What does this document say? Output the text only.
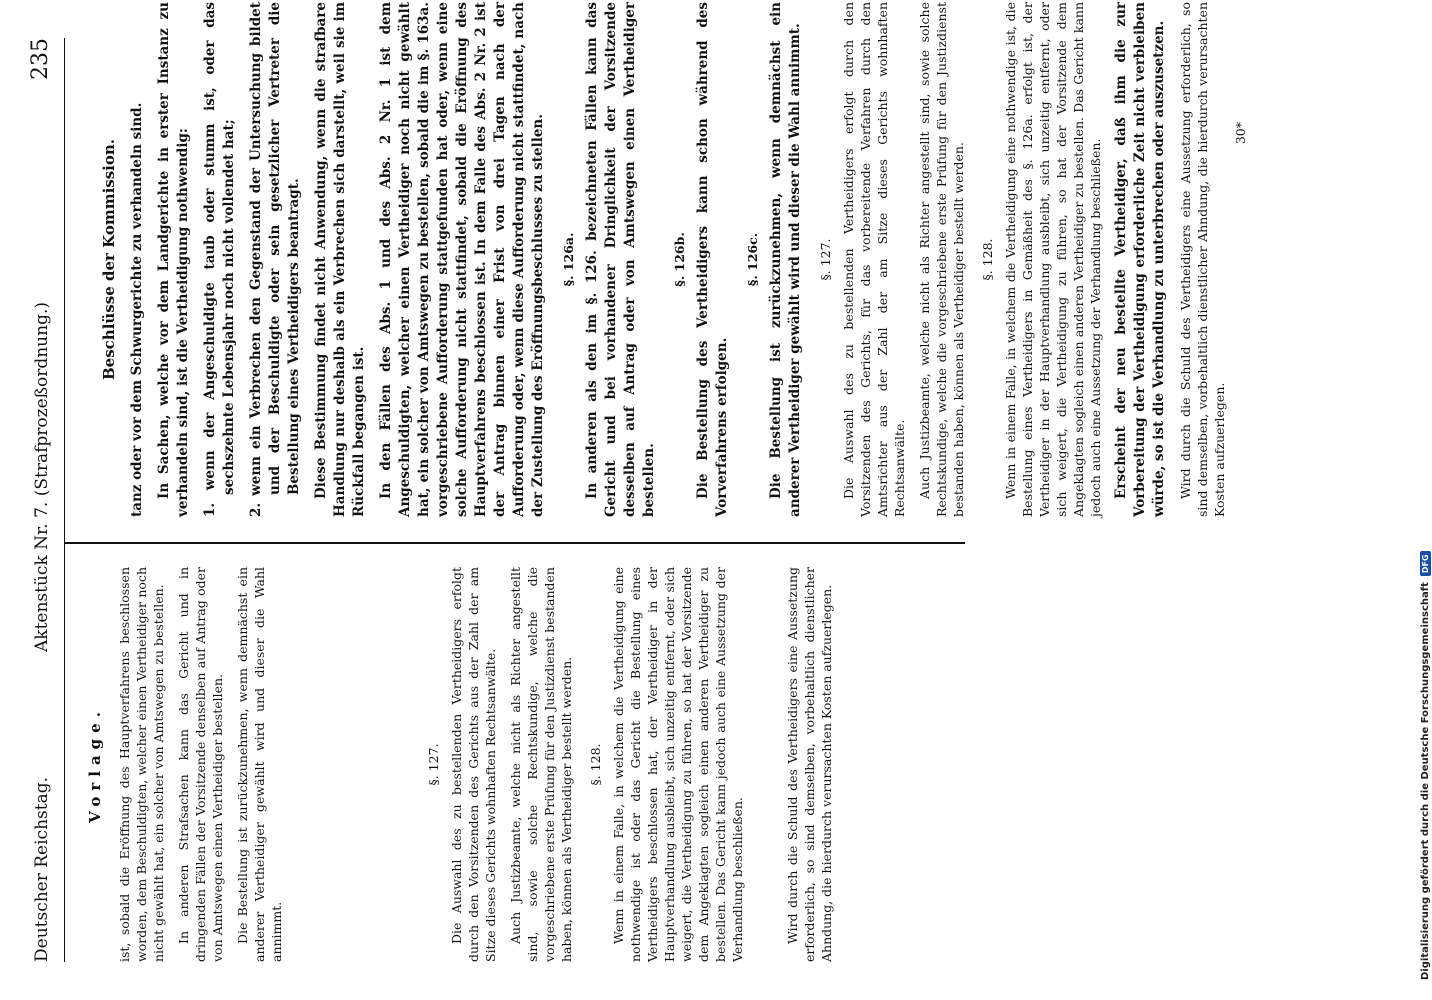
Deutscher Reichstag.
Aktenstück Nr. 7. (Strafprozeßordnung.)
235
Vorlage. ist, sobald die Eröffnung des Hauptverfahrens beschlossen worden, dem Beschuldigten, welcher einen Vertheidiger noch nicht gewählt hat, ein solcher von Amtswegen zu bestellen. In anderen Strafsachen kann das Gericht und in dringenden Fällen der Vorsitzende denselben auf Antrag oder von Amtswegen einen Vertheidiger bestellen. Die Bestellung ist zurückzunehmen, wenn demnächst ein anderer Vertheidiger gewählt wird und dieser die Wahl annimmt.

§. 127. Die Auswahl des zu bestellenden Vertheidigers erfolgt durch den Vorsitzenden des Gerichts aus der Zahl der am Sitze dieses Gerichts wohnhaften Rechtsanwälte. Auch Justizbeamte, welche nicht als Richter angestellt sind, sowie solche Rechtskundige, welche die vorgeschriebene erste Prüfung für den Justizdienst bestanden haben, können als Vertheidiger bestellt werden. §. 128. Wenn in einem Falle, in welchem die Vertheidigung eine nothwendige ist oder das Gericht die Bestellung eines Vertheidigers beschlossen hat, der Vertheidiger in der Hauptverhandlung ausbleibt, sich unzeitig entfernt, oder sich weigert, die Vertheidigung zu führen, so hat der Vorsitzende dem Angeklagten sogleich einen anderen Vertheidiger zu bestellen. Das Gericht kann jedoch auch eine Aussetzung der Verhandlung beschließen.	Wird durch die Schuld des Vertheidigers eine Aussetzung erforderlich, so sind demselben, vorbehaltlich dienstlicher Ahndung, die hierdurch verursachten Kosten aufzuerlegen.

Beschlüsse der Kommission. tanz oder vor dem Schwurgerichte zu verhandeln sind. In Sachen, welche vor dem Landgerichte in erster Instanz zu verhandeln sind, ist die Vertheidigung nothwendig: 1. wenn der Angeschuldigte taub oder stumm ist, oder das sechszehnte Lebensjahr noch nicht vollendet hat;

2. wenn ein Verbrechen den Gegenstand der Untersuchung bildet und der Beschuldigte oder sein gesetzlicher Vertreter die Bestellung eines Vertheidigers beantragt. Diese Bestimmung findet nicht Anwendung, wenn die strafbare Handlung nur deshalb als ein Verbrechen sich darstellt, weil sie im Rückfall begangen ist. In den Fällen des Abs. 1 und des Abs. 2 Nr. 1 ist dem Angeschuldigten, welcher einen Vertheidiger noch nicht gewählt hat, ein solcher von Amtswegen zu bestellen, sobald die im §. 163a. vorgeschriebene Aufforderung stattgefunden hat oder, wenn eine solche Aufforderung nicht stattfindet, sobald die Eröffnung des Hauptverfahrens beschlossen ist. In dem Falle des Abs. 2 Nr. 2 ist der Antrag binnen einer Frist von drei Tagen nach der Aufforderung oder, wenn diese Aufforderung nicht stattfindet, nach der Zustellung des Eröffnungsbeschlusses zu stellen. §. 126a. In anderen als den im §. 126. bezeichneten Fällen kann das Gericht und bei vorhandener Dringlichkeit der Vorsitzende desselben auf Antrag oder von Amtswegen einen Vertheidiger bestellen.

§. 126b. Die Bestellung des Vertheidigers kann schon während des Vorverfahrens erfolgen.

§. 126c. Die Bestellung ist zurückzunehmen, wenn demnächst ein anderer Vertheidiger gewählt wird und dieser die Wahl annimmt. §. 127. Die Auswahl des zu bestellenden Vertheidigers erfolgt durch den Vorsitzenden des Gerichts, für das vorbereitende Verfahren durch den Amtsrichter aus der Zahl der am Sitze dieses Gerichts wohnhaften Rechtsanwälte. Auch Justizbeamte, welche nicht als Richter angestellt sind, sowie solche Rechtskundige, welche die vorgeschriebene erste Prüfung für den Justizdienst bestanden haben, können als Vertheidiger bestellt werden. §. 128. Wenn in einem Falle, in welchem die Vertheidigung eine nothwendige ist, die Bestellung eines Vertheidigers in Gemäßheit des §. 126a. erfolgt ist, der Vertheidiger in der Hauptverhandlung ausbleibt, sich unzeitig entfernt, oder sich weigert, die Vertheidigung zu führen, so hat der Vorsitzende dem Angeklagten sogleich einen anderen Vertheidiger zu bestellen. Das Gericht kann jedoch auch eine Aussetzung der Verhandlung beschließen. Erscheint der neu bestellte Vertheidiger, daß ihm die zur Vorbereitung der Vertheidigung erforderliche Zeit nicht verbleiben würde, so ist die Verhandlung zu unterbrechen oder auszusetzen. Wird durch die Schuld des Vertheidigers eine Aussetzung erforderlich, so sind demselben, vorbehaltlich dienstlicher Ahndung, die hierdurch verursachten Kosten aufzuerlegen.

30*
Digitalisierung gefördert durch die Deutsche Forschungsgemeinschaft
DFG
